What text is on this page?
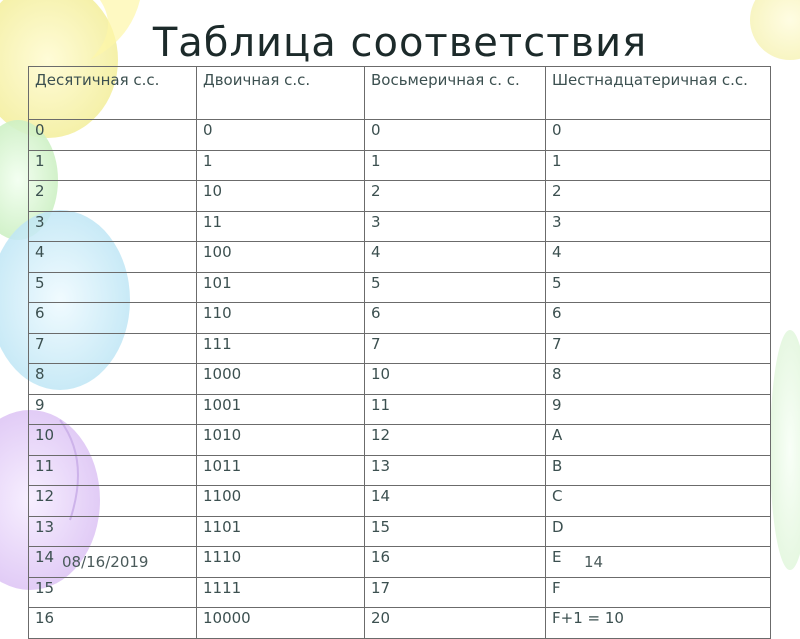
Таблица соответствия
Десятичная с.с.	Двоичная с.с.	Восьмеричная с. с.	Шестнадцатеричная с.с.
0	0	0	0
1	1	1	1
2	10	2	2
3	11	3	3
4	100	4	4
5	101	5	5
6	110	6	6
7	111	7	7
8	1000	10	8
9	1001	11	9
10	1010	12	A
11	1011	13	B
12	1100	14	C
13	1101	15	D
14	1110	16	E
15	1111	17	F
16	10000	20	F+1 = 10
08/16/2019	14
